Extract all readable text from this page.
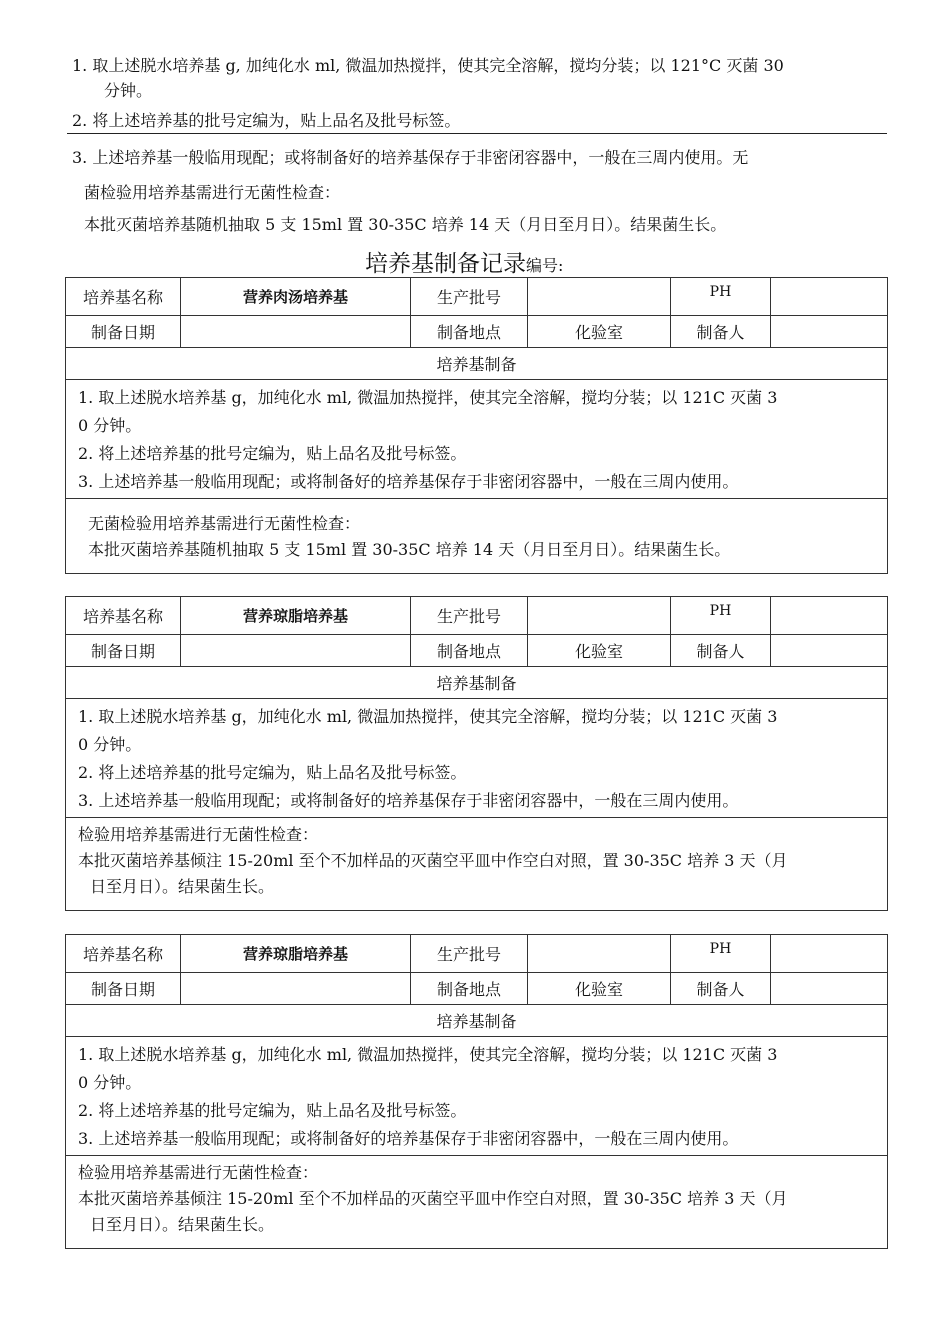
1. 取上述脱水培养基 g, 加纯化水 ml, 微温加热搅拌，使其完全溶解，搅均分装；以 121°C 灭菌 30
分钟。
2. 将上述培养基的批号定编为，贴上品名及批号标签。
3. 上述培养基一般临用现配；或将制备好的培养基保存于非密闭容器中，一般在三周内使用。无
菌检验用培养基需进行无菌性检查：
本批灭菌培养基随机抽取 5 支 15ml 置 30-35C 培养 14 天（月日至月日）。结果菌生长。
培养基制备记录编号:
培养基名称	营养肉汤培养基	生产批号		PH	
制备日期		制备地点	化验室	制备人	
培养基制备					

1. 取上述脱水培养基 g，加纯化水 ml, 微温加热搅拌，使其完全溶解，搅均分装；以 121C 灭菌 3
0 分钟。
2. 将上述培养基的批号定编为，贴上品名及批号标签。
3. 上述培养基一般临用现配；或将制备好的培养基保存于非密闭容器中，一般在三周内使用。					

无菌检验用培养基需进行无菌性检查：
本批灭菌培养基随机抽取 5 支 15ml 置 30-35C 培养 14 天（月日至月日）。结果菌生长。					
培养基名称	营养琼脂培养基	生产批号		PH	
制备日期		制备地点	化验室	制备人	
培养基制备					

1. 取上述脱水培养基 g，加纯化水 ml, 微温加热搅拌，使其完全溶解，搅均分装；以 121C 灭菌 3
0 分钟。
2. 将上述培养基的批号定编为，贴上品名及批号标签。
3. 上述培养基一般临用现配；或将制备好的培养基保存于非密闭容器中，一般在三周内使用。					

检验用培养基需进行无菌性检查：
本批灭菌培养基倾注 15-20ml 至个不加样品的灭菌空平皿中作空白对照，置 30-35C 培养 3 天（月
日至月日）。结果菌生长。					
培养基名称	营养琼脂培养基	生产批号		PH	
制备日期		制备地点	化验室	制备人	
培养基制备					

1. 取上述脱水培养基 g，加纯化水 ml, 微温加热搅拌，使其完全溶解，搅均分装；以 121C 灭菌 3
0 分钟。
2. 将上述培养基的批号定编为，贴上品名及批号标签。
3. 上述培养基一般临用现配；或将制备好的培养基保存于非密闭容器中，一般在三周内使用。					

检验用培养基需进行无菌性检查：
本批灭菌培养基倾注 15-20ml 至个不加样品的灭菌空平皿中作空白对照，置 30-35C 培养 3 天（月
日至月日）。结果菌生长。					
